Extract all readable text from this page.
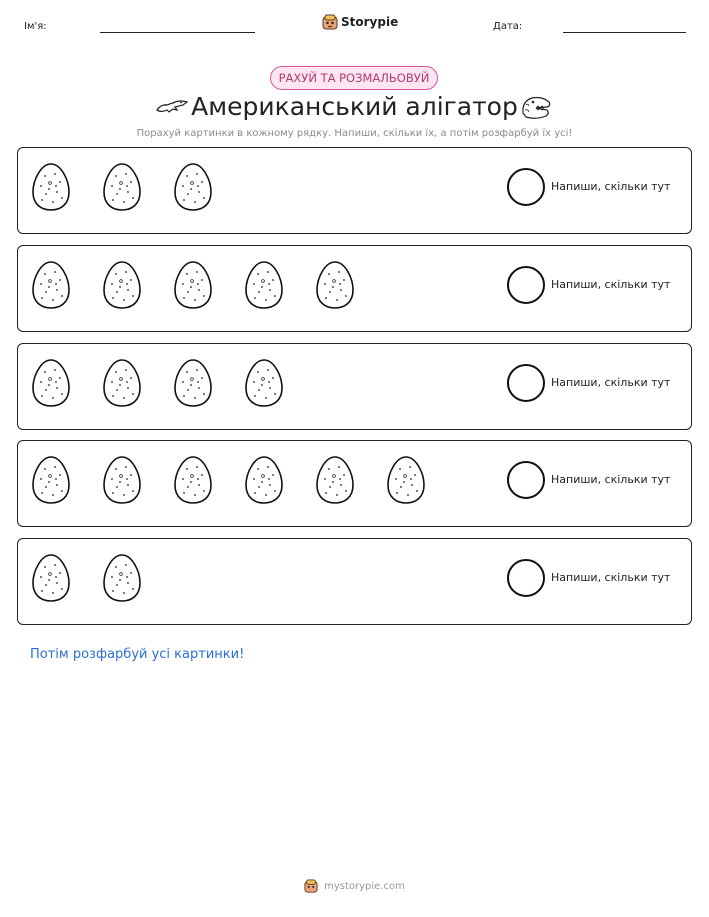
Ім'я:	Storypie	Дата:
РАХУЙ ТА РОЗМАЛЬОВУЙ
Американський алігатор
Порахуй картинки в кожному рядку. Напиши, скільки їх, а потім розфарбуй їх усі!
Напиши, скільки тут
Напиши, скільки тут
Напиши, скільки тут
Напиши, скільки тут
Напиши, скільки тут
Потім розфарбуй усі картинки!
mystorypie.com
